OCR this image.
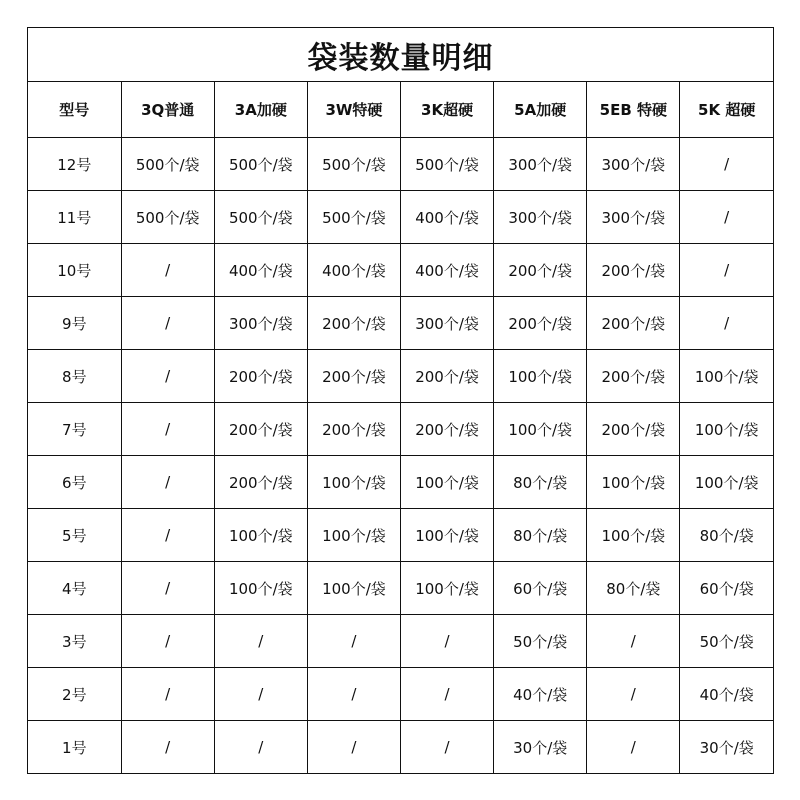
袋装数量明细
型号	3Q普通	3A加硬	3W特硬	3K超硬	5A加硬	5EB 特硬	5K 超硬
12号	500个/袋	500个/袋	500个/袋	500个/袋	300个/袋	300个/袋	/
11号	500个/袋	500个/袋	500个/袋	400个/袋	300个/袋	300个/袋	/
10号	/	400个/袋	400个/袋	400个/袋	200个/袋	200个/袋	/
9号	/	300个/袋	200个/袋	300个/袋	200个/袋	200个/袋	/
8号	/	200个/袋	200个/袋	200个/袋	100个/袋	200个/袋	100个/袋
7号	/	200个/袋	200个/袋	200个/袋	100个/袋	200个/袋	100个/袋
6号	/	200个/袋	100个/袋	100个/袋	80个/袋	100个/袋	100个/袋
5号	/	100个/袋	100个/袋	100个/袋	80个/袋	100个/袋	80个/袋
4号	/	100个/袋	100个/袋	100个/袋	60个/袋	80个/袋	60个/袋
3号	/	/	/	/	50个/袋	/	50个/袋
2号	/	/	/	/	40个/袋	/	40个/袋
1号	/	/	/	/	30个/袋	/	30个/袋
